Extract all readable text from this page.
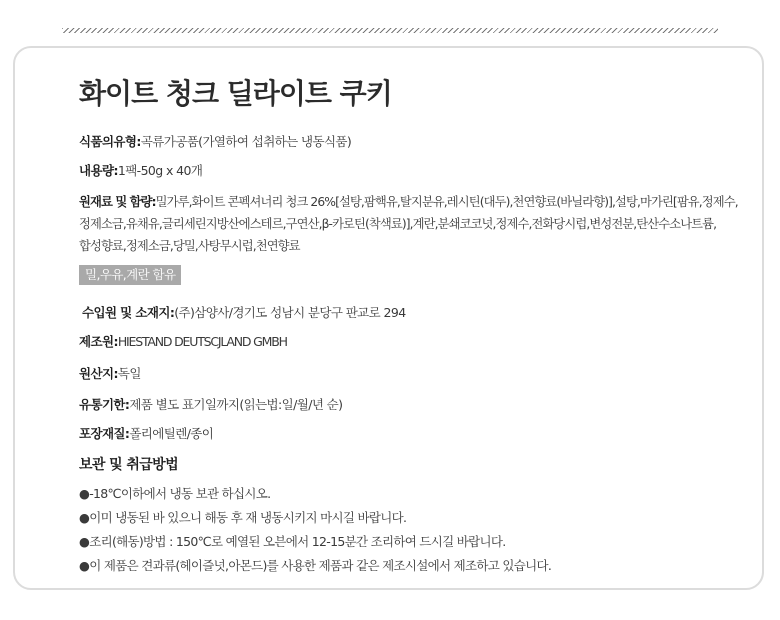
화이트 청크 딜라이트 쿠키
식품의유형:곡류가공품(가열하여 섭취하는 냉동식품)
내용량:1팩-50g x 40개
원재료 및 함량:밀가루,화이트 콘펙셔너리 청크 26%[설탕,팜핵유,탈지분유,레시틴(대두),천연향료(바닐라향)],설탕,마가린[팜유,정제수,정제소금,유채유,글리세린지방산에스테르,구연산,β-카로틴(착색료)],계란,분쇄코코넛,정제수,전화당시럽,변성전분,탄산수소나트륨,합성향료,정제소금,당밀,사탕무시럽,천연향료
밀,우유,계란 함유
수입원 및 소재지:(주)삼양사/경기도 성남시 분당구 판교로 294
제조원:HIESTAND DEUTSCJLAND GMBH
원산지:독일
유통기한:제품 별도 표기일까지(읽는법:일/월/년 순)
포장재질:폴리에틸렌/종이
보관 및 취급방법
●-18℃이하에서 냉동 보관 하십시오.
●이미 냉동된 바 있으니 해동 후 재 냉동시키지 마시길 바랍니다.
●조리(해동)방법 : 150℃로 예열된 오븐에서 12-15분간 조리하여 드시길 바랍니다.
●이 제품은 견과류(헤이즐넛,아몬드)를 사용한 제품과 같은 제조시설에서 제조하고 있습니다.
